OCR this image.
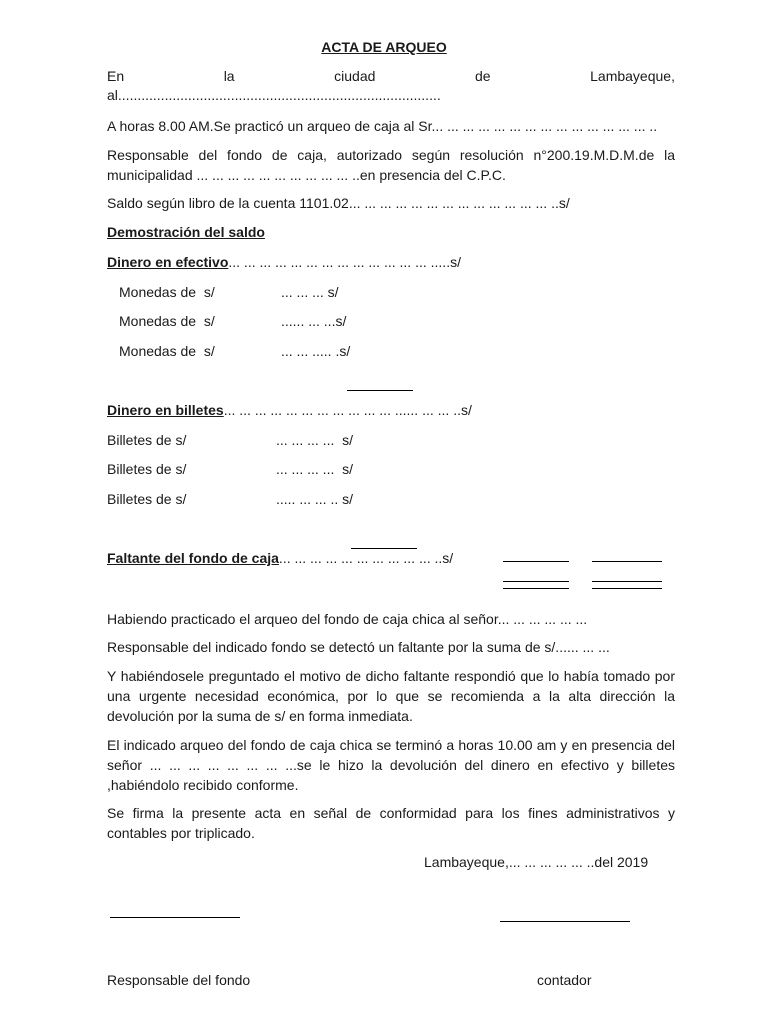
ACTA DE ARQUEO
En	la	ciudad	de	Lambayeque,
al...................................................................................
A horas 8.00 AM.Se practicó un arqueo de caja al Sr... ... ... ... ... ... ... ... ... ... ... ... ... ... ..
Responsable del fondo de caja, autorizado según resolución n°200.19.M.D.M.de la municipalidad ... ... ... ... ... ... ... ... ... ... ..en presencia del C.P.C.
Saldo según libro de la cuenta 1101.02... ... ... ... ... ... ... ... ... ... ... ... ... ..s/
Demostración del saldo
Dinero en efectivo... ... ... ... ... ... ... ... ... ... ... ... ... .....s/
Monedas de  s/	... ... ... s/
Monedas de  s/	...... ... ...s/
Monedas de  s/	... ... ..... .s/
Dinero en billetes... ... ... ... ... ... ... ... ... ... ... ...... ... ... ..s/
Billetes de s/	... ... ... ...  s/
Billetes de s/	... ... ... ...  s/
Billetes de s/	..... ... ... .. s/
Faltante del fondo de caja... ... ... ... ... ... ... ... ... ... ..s/
Habiendo practicado el arqueo del fondo de caja chica al señor... ... ... ... ... ...
Responsable del indicado fondo se detectó un faltante por la suma de s/...... ... ...
Y habiéndosele preguntado el motivo de dicho faltante respondió que lo había tomado por una urgente necesidad económica, por lo que se recomienda a la alta dirección la devolución por la suma de s/ en forma inmediata.
El indicado arqueo del fondo de caja chica se terminó a horas 10.00 am y en presencia del señor ... ... ... ... ... ... ... ...se le hizo la devolución del dinero en efectivo y billetes ,habiéndolo recibido conforme.
Se firma la presente acta en señal de conformidad para los fines administrativos y contables por triplicado.
Lambayeque,... ... ... ... ... ..del 2019
Responsable del fondo	contador
